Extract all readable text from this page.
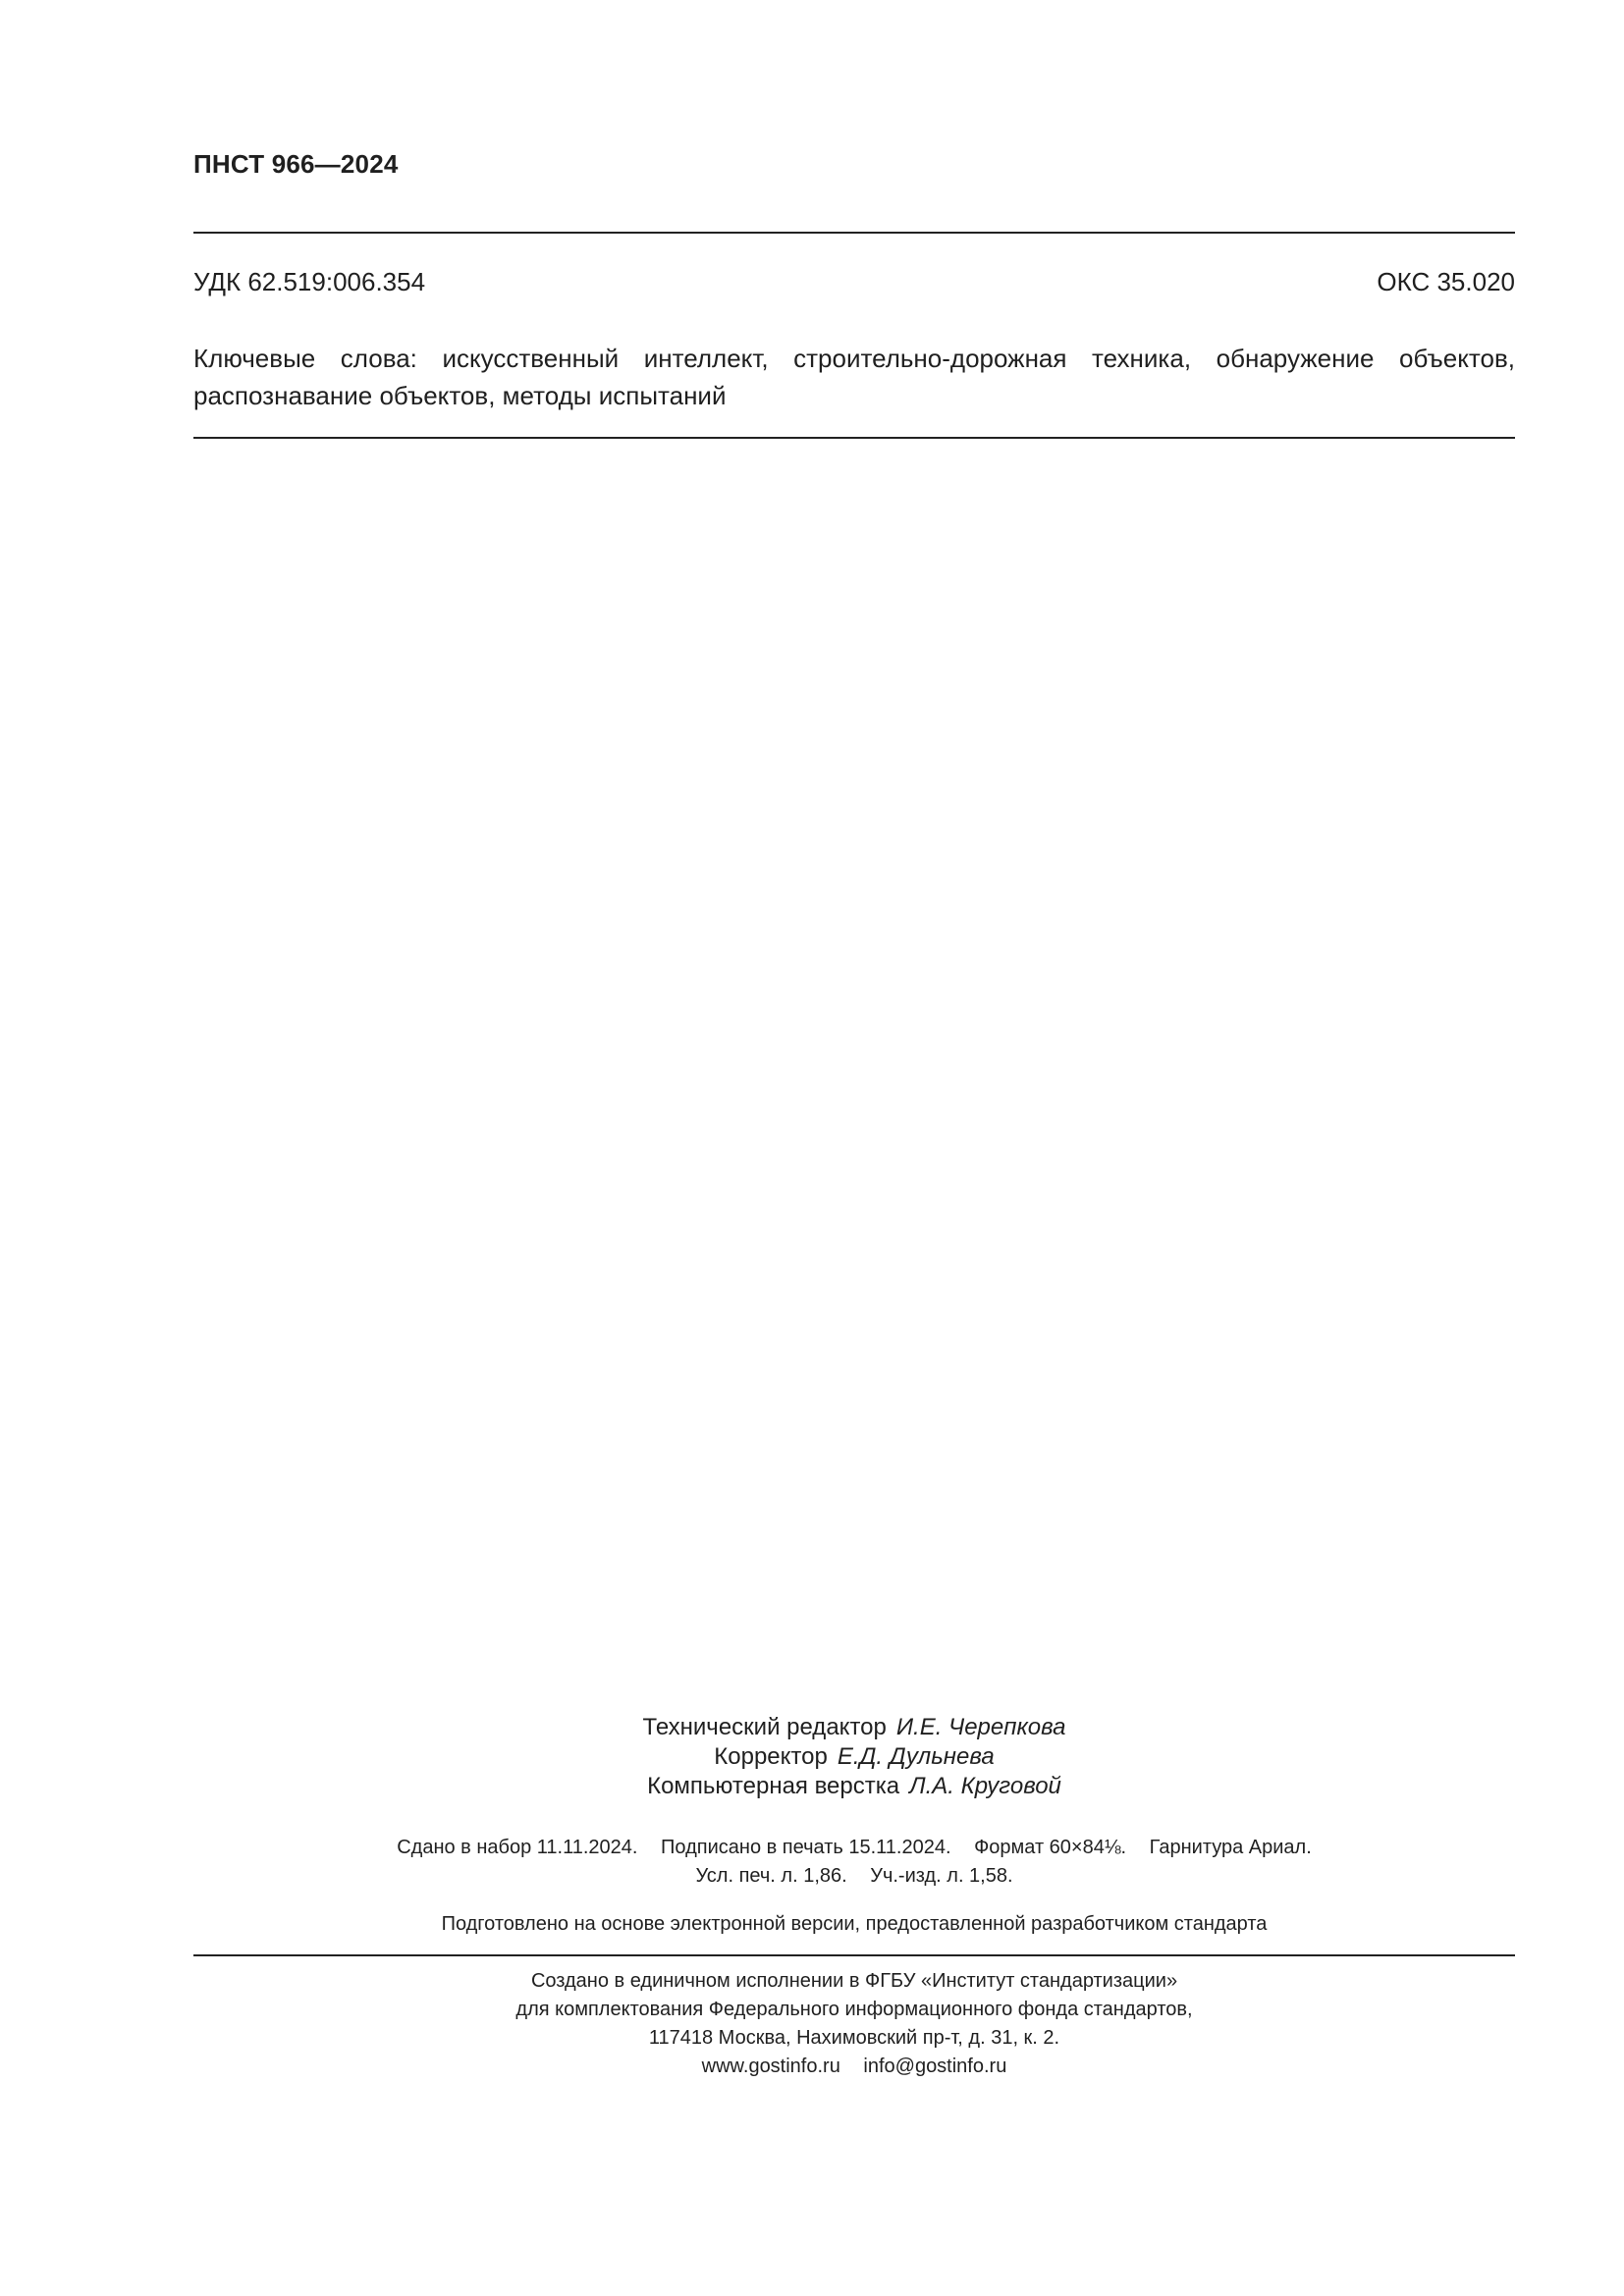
ПНСТ 966—2024
УДК 62.519:006.354	ОКС 35.020
Ключевые слова: искусственный интеллект, строительно-дорожная техника, обнаружение объектов, распознавание объектов, методы испытаний
Технический редактор И.Е. Черепкова
Корректор Е.Д. Дульнева
Компьютерная верстка Л.А. Круговой
Сдано в набор 11.11.2024. Подписано в печать 15.11.2024. Формат 60×84⅛. Гарнитура Ариал.
Усл. печ. л. 1,86. Уч.-изд. л. 1,58.
Подготовлено на основе электронной версии, предоставленной разработчиком стандарта
Создано в единичном исполнении в ФГБУ «Институт стандартизации»
для комплектования Федерального информационного фонда стандартов,
117418 Москва, Нахимовский пр-т, д. 31, к. 2.
www.gostinfo.ru info@gostinfo.ru
